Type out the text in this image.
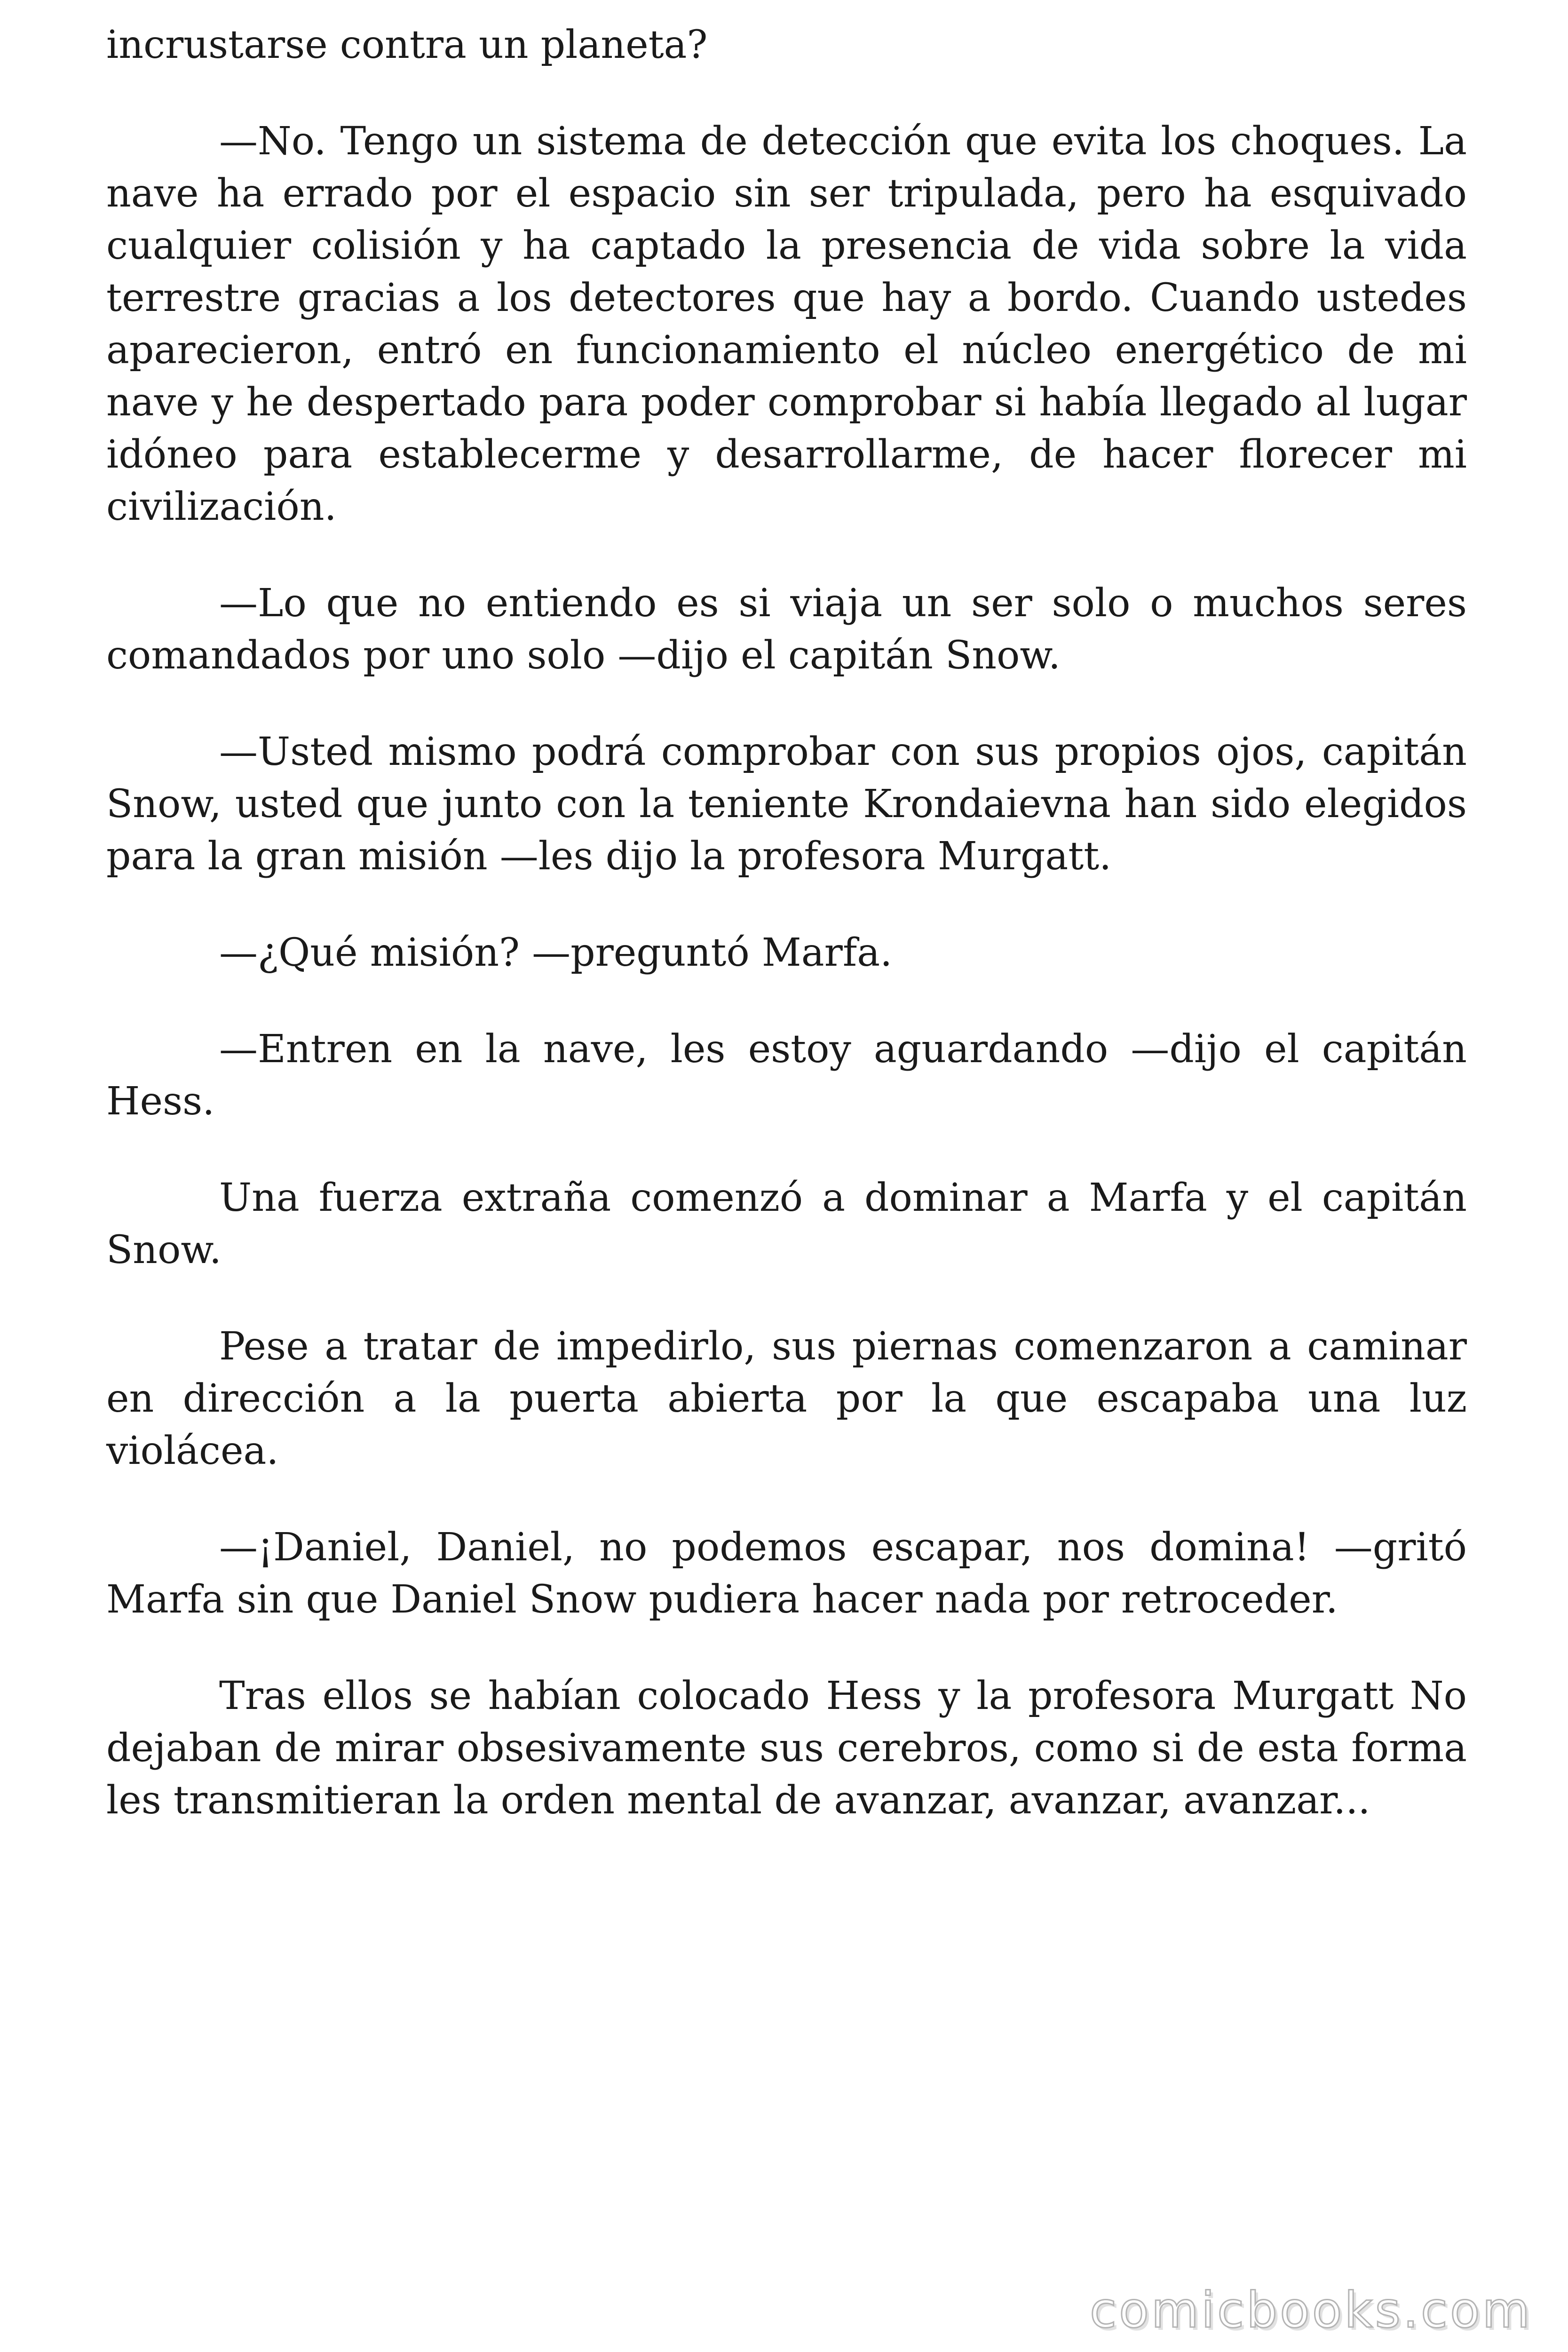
incrustarse contra un planeta?

—No. Tengo un sistema de detección que evita los choques. La nave ha errado por el espacio sin ser tripulada, pero ha esquivado cualquier colisión y ha captado la presencia de vida sobre la vida terrestre gracias a los detectores que hay a bordo. Cuando ustedes aparecieron, entró en funcionamiento el núcleo energético de mi nave y he despertado para poder comprobar si había llegado al lugar idóneo para establecerme y desarrollarme, de hacer florecer mi civilización.

—Lo que no entiendo es si viaja un ser solo o muchos seres comandados por uno solo —dijo el capitán Snow.

—Usted mismo podrá comprobar con sus propios ojos, capitán Snow, usted que junto con la teniente Krondaievna han sido elegidos para la gran misión —les dijo la profesora Murgatt.

—¿Qué misión? —preguntó Marfa.

—Entren en la nave, les estoy aguardando —dijo el capitán Hess.

Una fuerza extraña comenzó a dominar a Marfa y el capitán Snow.

Pese a tratar de impedirlo, sus piernas comenzaron a caminar en dirección a la puerta abierta por la que escapaba una luz violácea.

—¡Daniel, Daniel, no podemos escapar, nos domina! —gritó Marfa sin que Daniel Snow pudiera hacer nada por retroceder.

Tras ellos se habían colocado Hess y la profesora Murgatt No dejaban de mirar obsesivamente sus cerebros, como si de esta forma les transmitieran la orden mental de avanzar, avanzar, avanzar...

comicbooks.com
